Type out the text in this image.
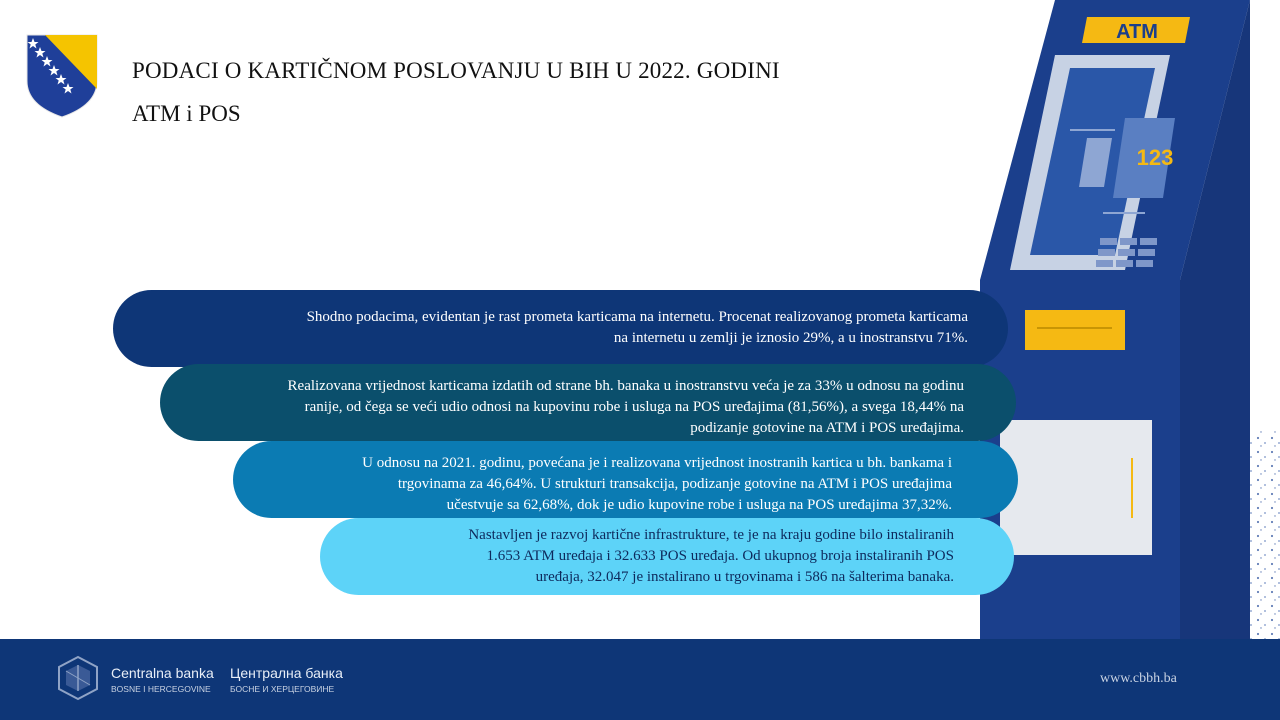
PODACI O KARTIČNOM POSLOVANJU U BIH U 2022. GODINI
ATM i POS
123
ATM
Shodno podacima, evidentan je rast prometa karticama na internetu. Procenat realizovanog prometa karticama
na internetu u zemlji je iznosio 29%, a u inostranstvu 71%.
Realizovana vrijednost karticama izdatih od strane bh. banaka u inostranstvu veća je za 33% u odnosu na godinu
ranije, od čega se veći udio odnosi na kupovinu robe i usluga na POS uređajima (81,56%), a svega 18,44% na
podizanje gotovine na ATM i POS uređajima.
U odnosu na 2021. godinu, povećana je i realizovana vrijednost inostranih kartica u bh. bankama i
trgovinama za 46,64%. U strukturi transakcija, podizanje gotovine na ATM i POS uređajima
učestvuje sa 62,68%, dok je udio kupovine robe i usluga na POS uređajima 37,32%.
Nastavljen je razvoj kartične infrastrukture, te je na kraju godine bilo instaliranih
1.653 ATM uređaja i 32.633 POS uređaja. Od ukupnog broja instaliranih POS
uređaja, 32.047 je instalirano u trgovinama i 586 na šalterima banaka.
Centralna banka
BOSNE I HERCEGOVINE
Централна банка
БОСНЕ И ХЕРЦЕГОВИНЕ
www.cbbh.ba
